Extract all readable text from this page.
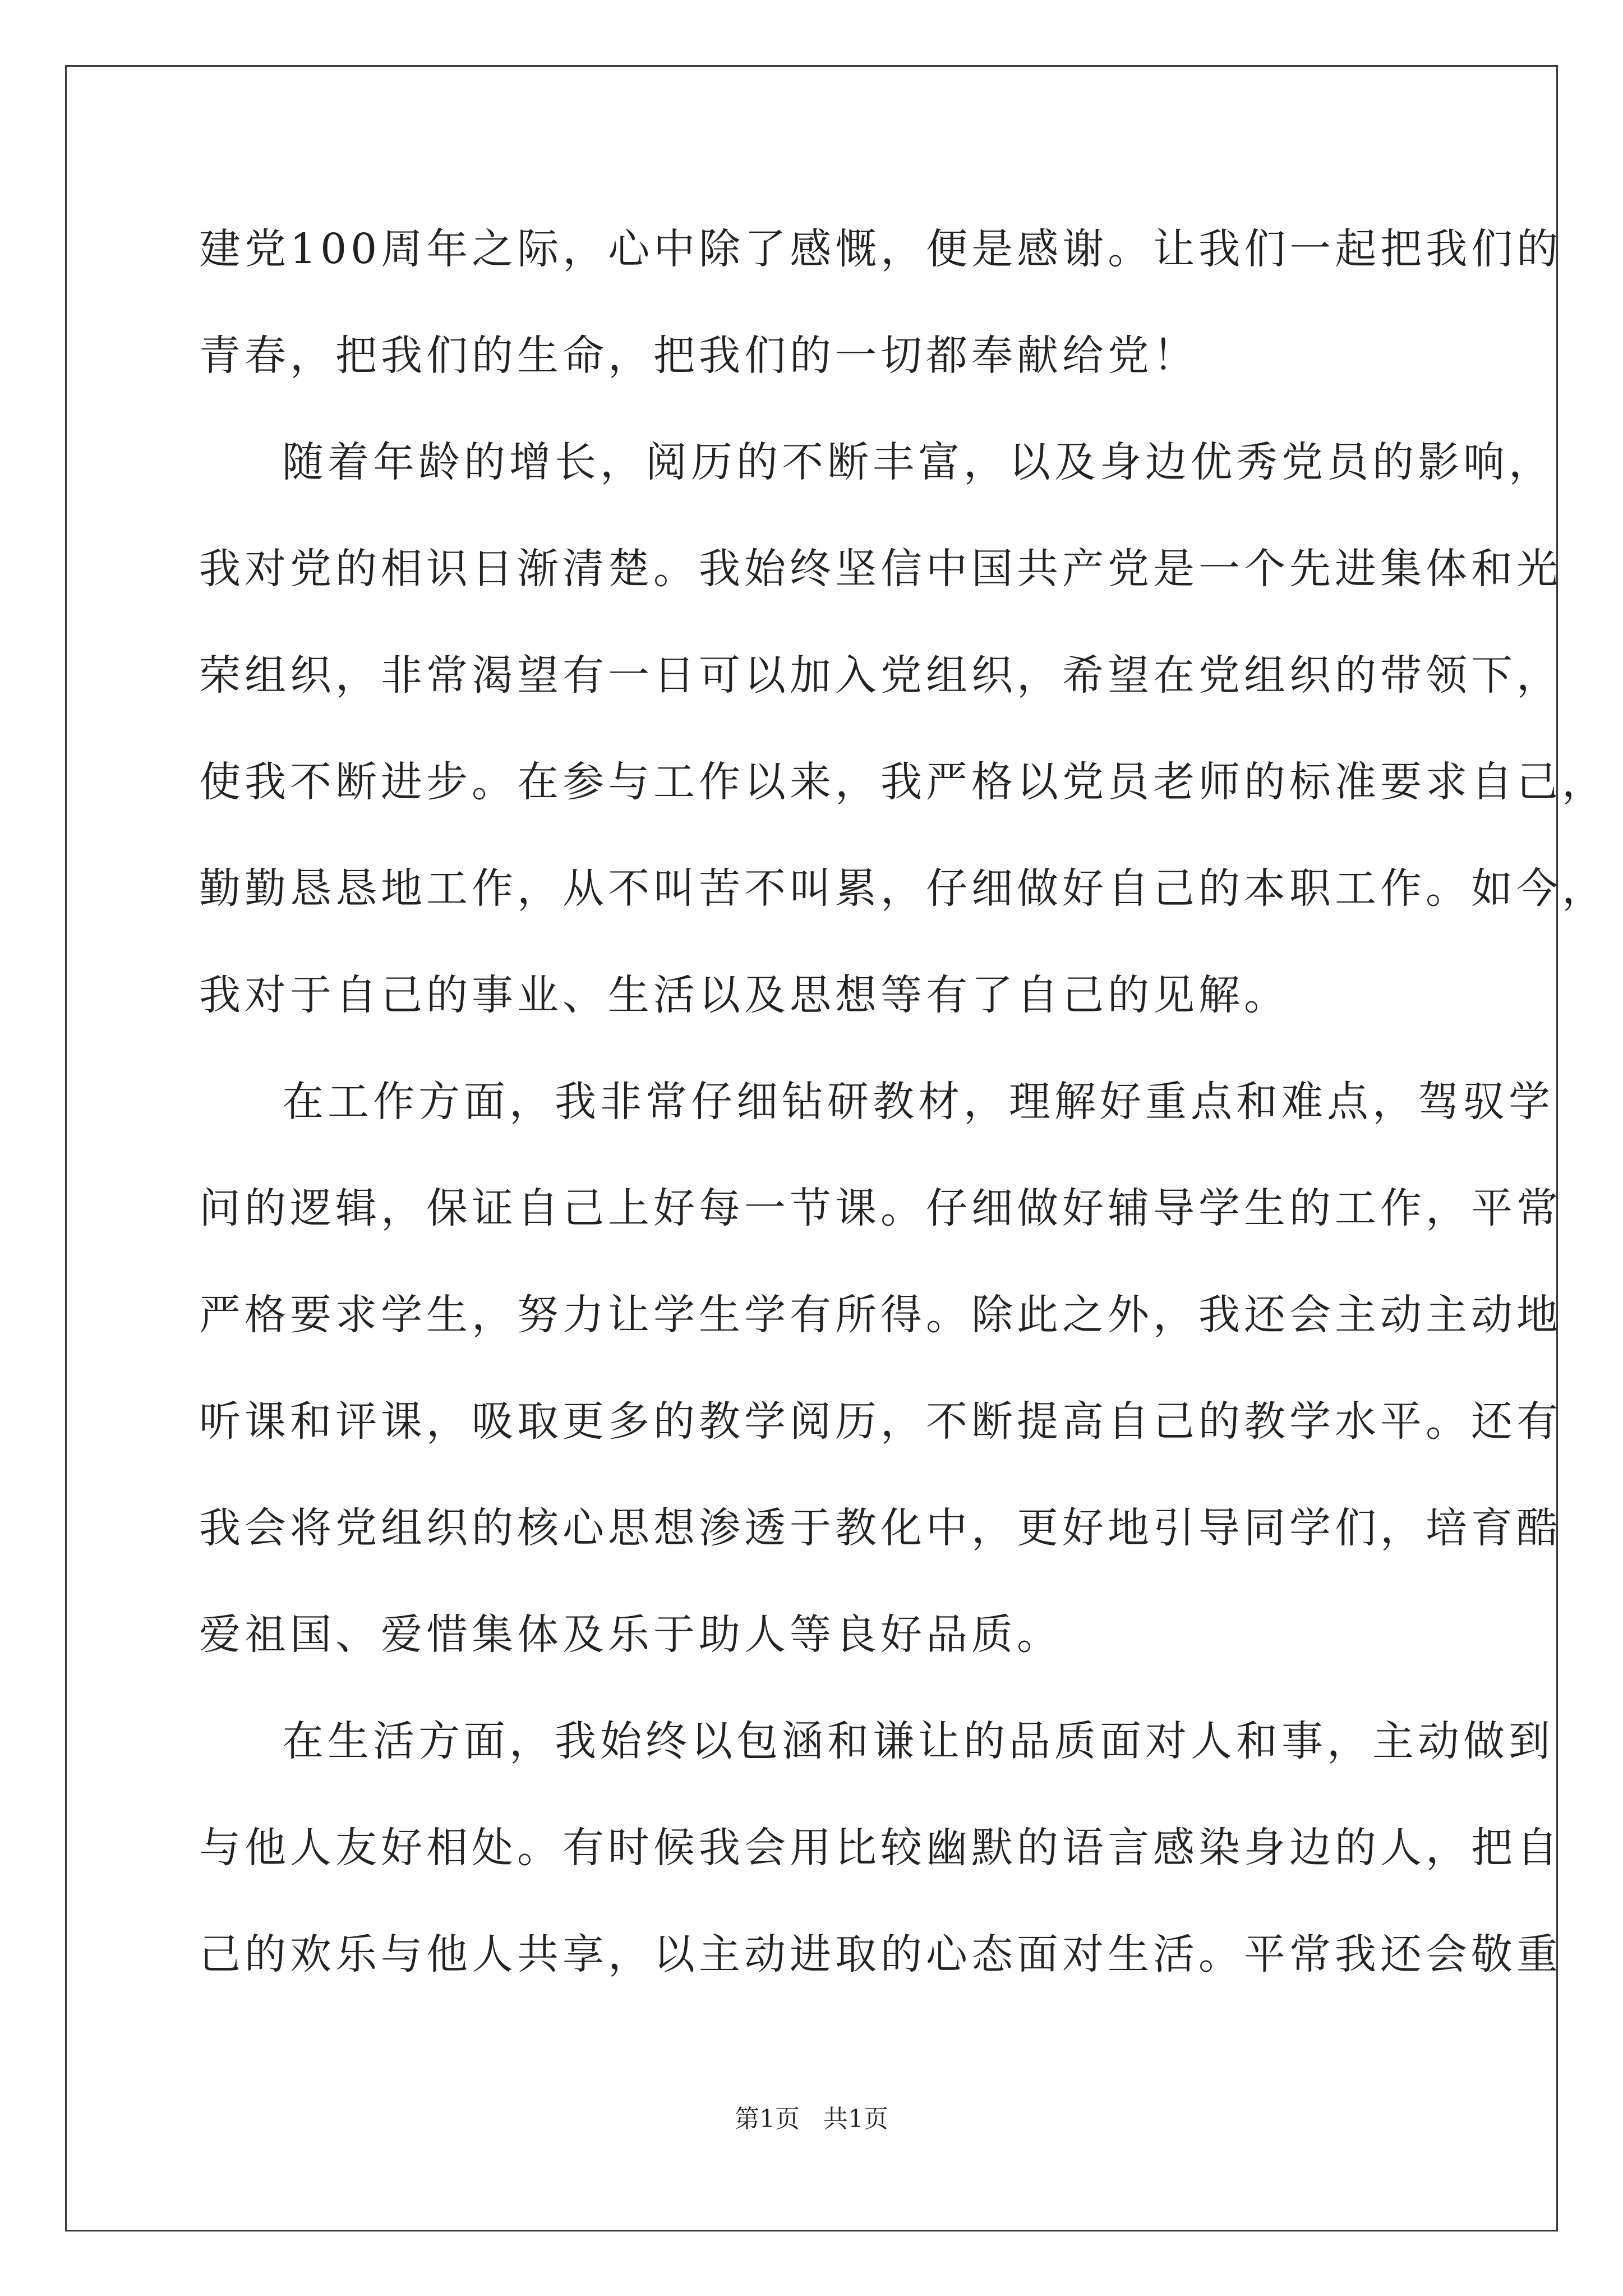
建党100周年之际，心中除了感慨，便是感谢。让我们一起把我们的
青春，把我们的生命，把我们的一切都奉献给党！
随着年龄的增长，阅历的不断丰富，以及身边优秀党员的影响，
我对党的相识日渐清楚。我始终坚信中国共产党是一个先进集体和光
荣组织，非常渴望有一日可以加入党组织，希望在党组织的带领下，
使我不断进步。在参与工作以来，我严格以党员老师的标准要求自己，
勤勤恳恳地工作，从不叫苦不叫累，仔细做好自己的本职工作。如今，
我对于自己的事业、生活以及思想等有了自己的见解。
在工作方面，我非常仔细钻研教材，理解好重点和难点，驾驭学
问的逻辑，保证自己上好每一节课。仔细做好辅导学生的工作，平常
严格要求学生，努力让学生学有所得。除此之外，我还会主动主动地
听课和评课，吸取更多的教学阅历，不断提高自己的教学水平。还有
我会将党组织的核心思想渗透于教化中，更好地引导同学们，培育酷
爱祖国、爱惜集体及乐于助人等良好品质。
在生活方面，我始终以包涵和谦让的品质面对人和事，主动做到
与他人友好相处。有时候我会用比较幽默的语言感染身边的人，把自
己的欢乐与他人共享，以主动进取的心态面对生活。平常我还会敬重
第1页 共1页
